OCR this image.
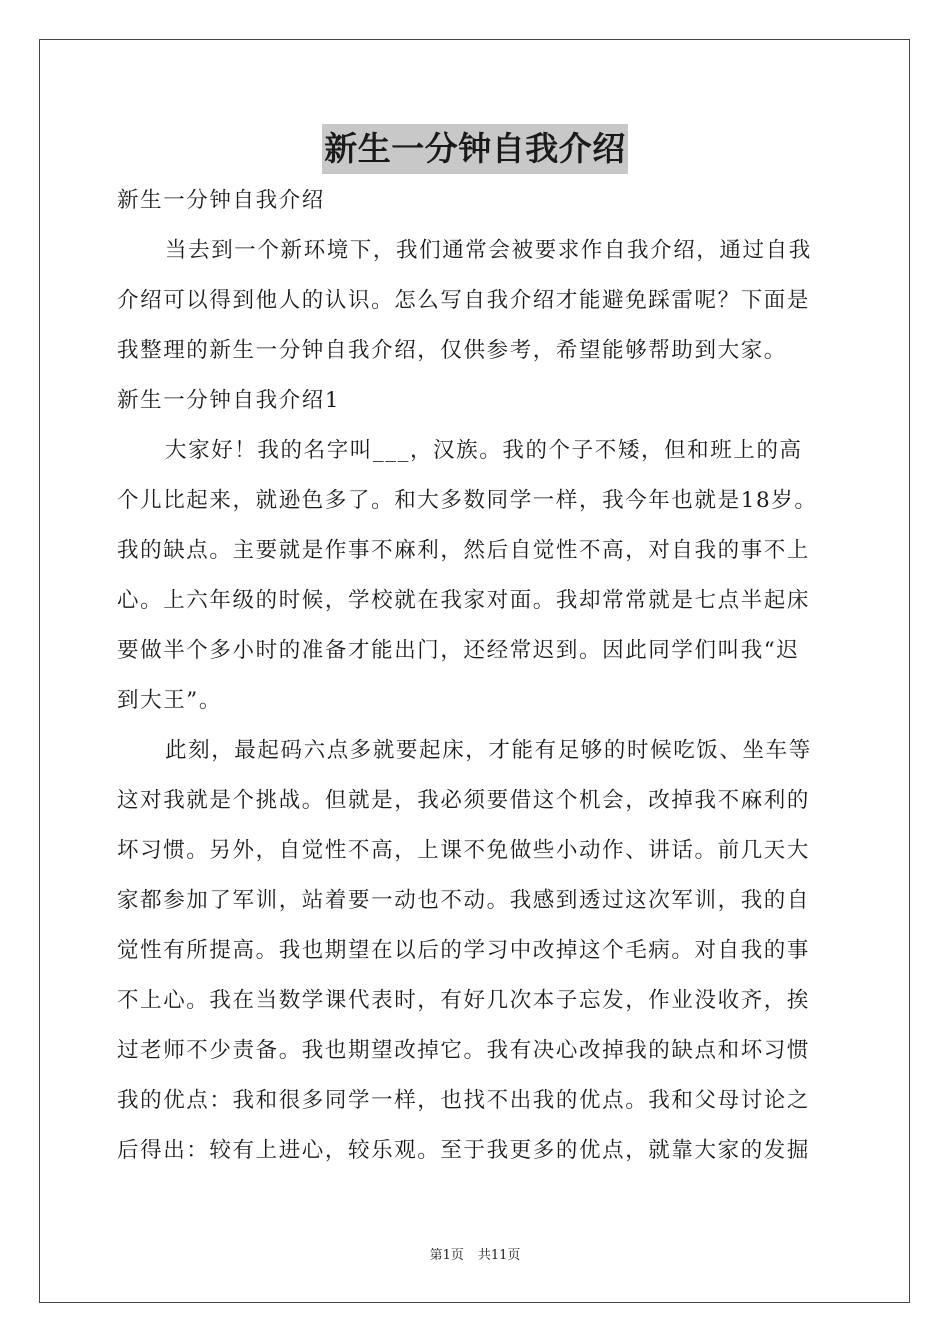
新生一分钟自我介绍
新生一分钟自我介绍
当去到一个新环境下，我们通常会被要求作自我介绍，通过自我
介绍可以得到他人的认识。怎么写自我介绍才能避免踩雷呢？下面是
我整理的新生一分钟自我介绍，仅供参考，希望能够帮助到大家。
新生一分钟自我介绍1
大家好！我的名字叫___，汉族。我的个子不矮，但和班上的高
个儿比起来，就逊色多了。和大多数同学一样，我今年也就是18岁。
我的缺点。主要就是作事不麻利，然后自觉性不高，对自我的事不上
心。上六年级的时候，学校就在我家对面。我却常常就是七点半起床
要做半个多小时的准备才能出门，还经常迟到。因此同学们叫我“迟
到大王”。
此刻，最起码六点多就要起床，才能有足够的时候吃饭、坐车等
这对我就是个挑战。但就是，我必须要借这个机会，改掉我不麻利的
坏习惯。另外，自觉性不高，上课不免做些小动作、讲话。前几天大
家都参加了军训，站着要一动也不动。我感到透过这次军训，我的自
觉性有所提高。我也期望在以后的学习中改掉这个毛病。对自我的事
不上心。我在当数学课代表时，有好几次本子忘发，作业没收齐，挨
过老师不少责备。我也期望改掉它。我有决心改掉我的缺点和坏习惯
我的优点：我和很多同学一样，也找不出我的优点。我和父母讨论之
后得出：较有上进心，较乐观。至于我更多的优点，就靠大家的发掘
第1页 共11页
